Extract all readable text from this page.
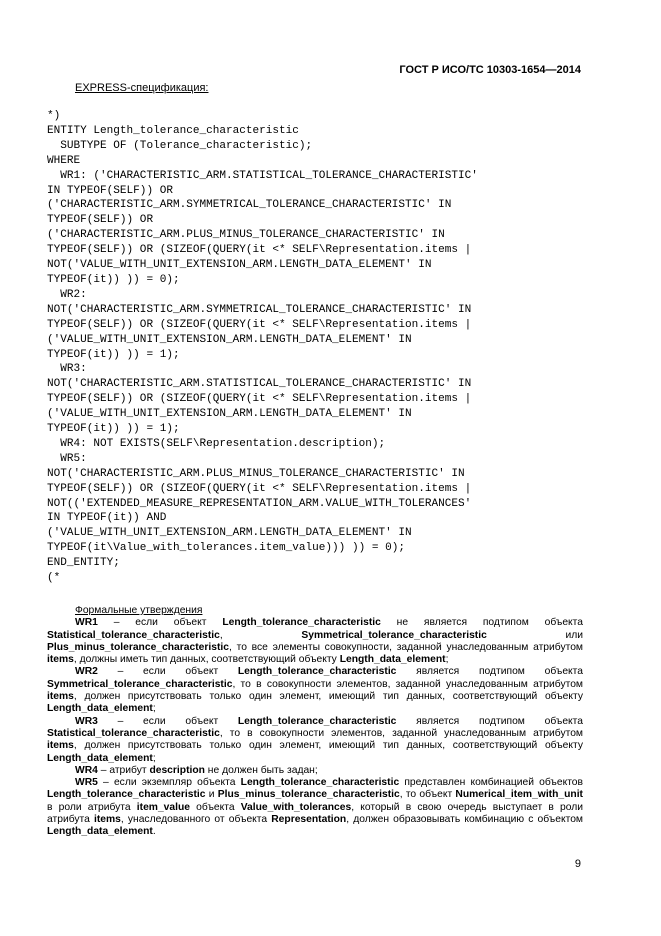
ГОСТ Р ИСО/ТС 10303-1654—2014
EXPRESS-спецификация:
*)
ENTITY Length_tolerance_characteristic
SUBTYPE OF (Tolerance_characteristic);
WHERE
WR1: ('CHARACTERISTIC_ARM.STATISTICAL_TOLERANCE_CHARACTERISTIC'
IN TYPEOF(SELF)) OR
('CHARACTERISTIC_ARM.SYMMETRICAL_TOLERANCE_CHARACTERISTIC' IN
TYPEOF(SELF)) OR
('CHARACTERISTIC_ARM.PLUS_MINUS_TOLERANCE_CHARACTERISTIC' IN
TYPEOF(SELF)) OR (SIZEOF(QUERY(it <* SELF\Representation.items |
NOT('VALUE_WITH_UNIT_EXTENSION_ARM.LENGTH_DATA_ELEMENT' IN
TYPEOF(it)) )) = 0);
WR2:
NOT('CHARACTERISTIC_ARM.SYMMETRICAL_TOLERANCE_CHARACTERISTIC' IN
TYPEOF(SELF)) OR (SIZEOF(QUERY(it <* SELF\Representation.items |
('VALUE_WITH_UNIT_EXTENSION_ARM.LENGTH_DATA_ELEMENT' IN
TYPEOF(it)) )) = 1);
WR3:
NOT('CHARACTERISTIC_ARM.STATISTICAL_TOLERANCE_CHARACTERISTIC' IN
TYPEOF(SELF)) OR (SIZEOF(QUERY(it <* SELF\Representation.items |
('VALUE_WITH_UNIT_EXTENSION_ARM.LENGTH_DATA_ELEMENT' IN
TYPEOF(it)) )) = 1);
WR4: NOT EXISTS(SELF\Representation.description);
WR5:
NOT('CHARACTERISTIC_ARM.PLUS_MINUS_TOLERANCE_CHARACTERISTIC' IN
TYPEOF(SELF)) OR (SIZEOF(QUERY(it <* SELF\Representation.items |
NOT(('EXTENDED_MEASURE_REPRESENTATION_ARM.VALUE_WITH_TOLERANCES'
IN TYPEOF(it)) AND
('VALUE_WITH_UNIT_EXTENSION_ARM.LENGTH_DATA_ELEMENT' IN
TYPEOF(it\Value_with_tolerances.item_value))) )) = 0);
END_ENTITY;
(*
Формальные утверждения

WR1 – если объект Length_tolerance_characteristic не является подтипом объекта Statistical_tolerance_characteristic, Symmetrical_tolerance_characteristic или Plus_minus_tolerance_characteristic, то все элементы совокупности, заданной унаследованным атрибутом items, должны иметь тип данных, соответствующий объекту Length_data_element;

WR2 – если объект Length_tolerance_characteristic является подтипом объекта Symmetrical_tolerance_characteristic, то в совокупности элементов, заданной унаследованным атрибутом items, должен присутствовать только один элемент, имеющий тип данных, соответствующий объекту Length_data_element;

WR3 – если объект Length_tolerance_characteristic является подтипом объекта Statistical_tolerance_characteristic, то в совокупности элементов, заданной унаследованным атрибутом items, должен присутствовать только один элемент, имеющий тип данных, соответствующий объекту Length_data_element;

WR4 – атрибут description не должен быть задан;

WR5 – если экземпляр объекта Length_tolerance_characteristic представлен комбинацией объектов Length_tolerance_characteristic и Plus_minus_tolerance_characteristic, то объект Numerical_item_with_unit в роли атрибута item_value объекта Value_with_tolerances, который в свою очередь выступает в роли атрибута items, унаследованного от объекта Representation, должен образовывать комбинацию с объектом Length_data_element.

9
